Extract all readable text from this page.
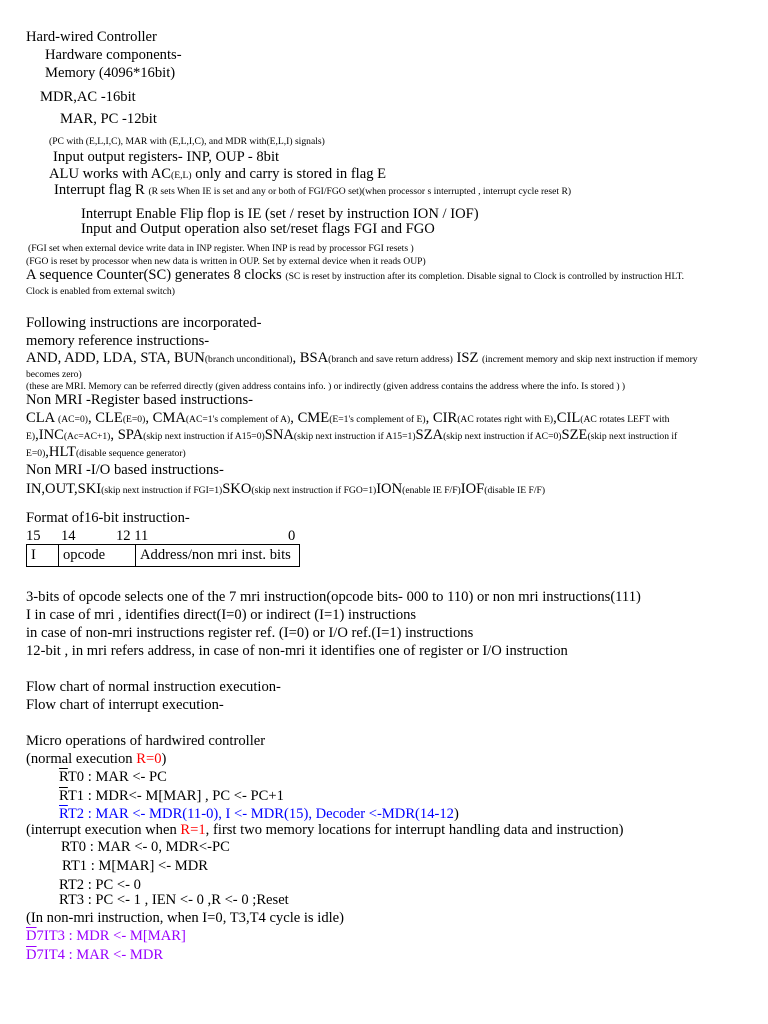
Hard-wired Controller
Hardware components-
Memory (4096*16bit)
MDR,AC -16bit
MAR, PC -12bit
(PC with (E,L,I,C), MAR with (E,L,I,C), and MDR with(E,L,I) signals)
Input output registers- INP, OUP - 8bit
ALU works with AC(E,L) only and carry is stored in flag E
Interrupt flag R (R sets When IE is set and any or both of FGI/FGO set)(when processor s interrupted , interrupt cycle reset R)
Interrupt Enable Flip flop is IE (set / reset by instruction ION / IOF)
Input and Output operation also set/reset flags FGI and FGO
(FGI set when external device write data in INP register. When INP is read by processor FGI resets )
(FGO is reset by processor when new data is written in OUP. Set by external device when it reads OUP)
A sequence Counter(SC) generates 8 clocks (SC is reset by instruction after its completion. Disable signal to Clock is controlled by instruction HLT.
Clock is enabled from external switch)
Following instructions are incorporated-
memory reference instructions-
AND, ADD, LDA, STA, BUN(branch unconditional), BSA(branch and save return address) ISZ (increment memory and skip next instruction if memory
becomes zero)
(these are MRI. Memory can be referred directly (given address contains info. ) or indirectly (given address contains the address where the info. Is stored ) )
Non MRI -Register based instructions-
CLA (AC=0), CLE(E=0), CMA(AC=1's complement of A), CME(E=1's complement of E), CIR(AC rotates right with E),CIL(AC rotates LEFT with
E),INC(Ac=AC+1), SPA(skip next instruction if A15=0)SNA(skip next instruction if A15=1)SZA(skip next instruction if AC=0)SZE(skip next instruction if
E=0),HLT(disable sequence generator)
Non MRI -I/O based instructions-
IN,OUT,SKI(skip next instruction if FGI=1)SKO(skip next instruction if FGO=1)ION(enable IE F/F)IOF(disable IE F/F)
Format of16-bit instruction-
15 14	12 11	0
I	opcode	Address/non mri inst. bits
3-bits of opcode selects one of the 7 mri instruction(opcode bits- 000 to 110) or non mri instructions(111)
I in case of mri , identifies direct(I=0) or indirect (I=1) instructions
in case of non-mri instructions register ref. (I=0) or I/O ref.(I=1) instructions
12-bit , in mri refers address, in case of non-mri it identifies one of register or I/O instruction
Flow chart of normal instruction execution-
Flow chart of interrupt execution-
Micro operations of hardwired controller
(normal execution R=0)
$\overline{R}T0$ : MAR <- PC
$\overline{R}T1$ : MDR<- M[MAR] , PC <- PC+1
$\overline{R}T2$ : MAR <- MDR(11-0), I <- MDR(15), Decoder <-MDR(14-12)
(interrupt execution when R=1, first two memory locations for interrupt handling data and instruction)
RT0 : MAR <- 0, MDR<-PC
RT1 : M[MAR] <- MDR
RT2 : PC <- 0
RT3 : PC <- 1 , IEN <- 0 ,R <- 0 ;Reset
(In non-mri instruction, when I=0, T3,T4 cycle is idle)
$\overline{D}7IT3$ : MDR <- M[MAR]
$\overline{D}7IT4$ : MAR <- MDR
